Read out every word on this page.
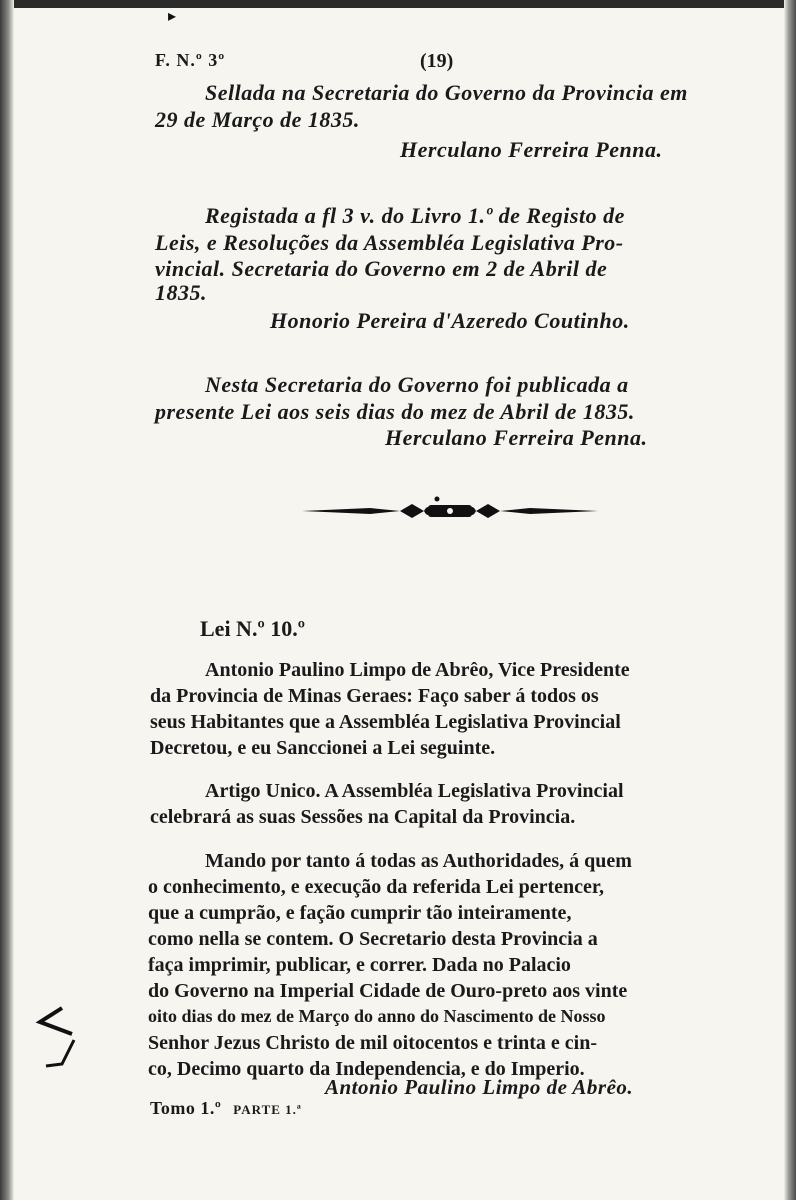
▸
F. N.º 3º	(19)
Sellada na Secretaria do Governo da Provincia em
29 de Março de 1835.
Herculano Ferreira Penna.
Registada a fl 3 v. do Livro 1.º de Registo de
Leis, e Resoluções da Assembléa Legislativa Pro-
vincial. Secretaria do Governo em 2 de Abril de
1835.
Honorio Pereira d'Azeredo Coutinho.
Nesta Secretaria do Governo foi publicada a
presente Lei aos seis dias do mez de Abril de 1835.
Herculano Ferreira Penna.
Lei N.º 10.º
Antonio Paulino Limpo de Abrêo, Vice Presidente
da Provincia de Minas Geraes: Faço saber á todos os
seus Habitantes que a Assembléa Legislativa Provincial
Decretou, e eu Sanccionei a Lei seguinte.
Artigo Unico. A Assembléa Legislativa Provincial
celebrará as suas Sessões na Capital da Provincia.
Mando por tanto á todas as Authoridades, á quem
o conhecimento, e execução da referida Lei pertencer,
que a cumprão, e fação cumprir tão inteiramente,
como nella se contem. O Secretario desta Provincia a
faça imprimir, publicar, e correr. Dada no Palacio
do Governo na Imperial Cidade de Ouro-preto aos vinte
oito dias do mez de Março do anno do Nascimento de Nosso
Senhor Jezus Christo de mil oitocentos e trinta e cin-
co, Decimo quarto da Independencia, e do Imperio.
Antonio Paulino Limpo de Abrêo.
Tomo 1.º PARTE 1.ª
